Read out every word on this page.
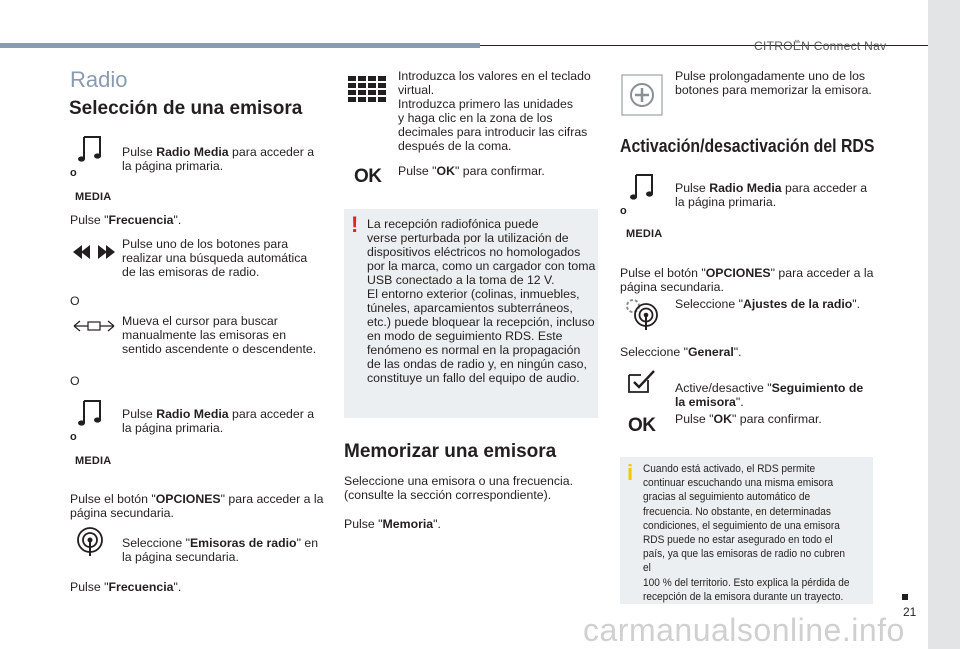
CITROËN Connect Nav
21
carmanualsonline.info
Radio
Selección de una emisora

Pulse Radio Media para acceder a
la página primaria.

o
MEDIA
Pulse "Frecuencia".
Pulse uno de los botones para
realizar una búsqueda automática
de las emisoras de radio.
O
Mueva el cursor para buscar
manualmente las emisoras en
sentido ascendente o descendente.
O

Pulse Radio Media para acceder a
la página primaria.

o
MEDIA

Pulse el botón "OPCIONES" para acceder a la
página secundaria.

Seleccione "Emisoras de radio" en
la página secundaria.

Pulse "Frecuencia".
Introduzca los valores en el teclado
virtual.
Introduzca primero las unidades
y haga clic en la zona de los
decimales para introducir las cifras
después de la coma.
OK Pulse "OK" para confirmar.
! La recepción radiofónica puede
verse perturbada por la utilización de
dispositivos eléctricos no homologados
por la marca, como un cargador con toma
USB conectado a la toma de 12 V.
El entorno exterior (colinas, inmuebles,
túneles, aparcamientos subterráneos,
etc.) puede bloquear la recepción, incluso
en modo de seguimiento RDS. Este
fenómeno es normal en la propagación
de las ondas de radio y, en ningún caso,
constituye un fallo del equipo de audio.
Memorizar una emisora
Seleccione una emisora o una frecuencia.
(consulte la sección correspondiente).
Pulse "Memoria".
Pulse prolongadamente uno de los
botones para memorizar la emisora.
Activación/desactivación del RDS

Pulse Radio Media para acceder a
la página primaria.

o
MEDIA

Pulse el botón "OPCIONES" para acceder a la
página secundaria.

Seleccione "Ajustes de la radio".
Seleccione "General".

Active/desactive "Seguimiento de
la emisora".

OK Pulse "OK" para confirmar.
i Cuando está activado, el RDS permite
continuar escuchando una misma emisora
gracias al seguimiento automático de
frecuencia. No obstante, en determinadas
condiciones, el seguimiento de una emisora
RDS puede no estar asegurado en todo el
país, ya que las emisoras de radio no cubren el
100 % del territorio. Esto explica la pérdida de
recepción de la emisora durante un trayecto.
